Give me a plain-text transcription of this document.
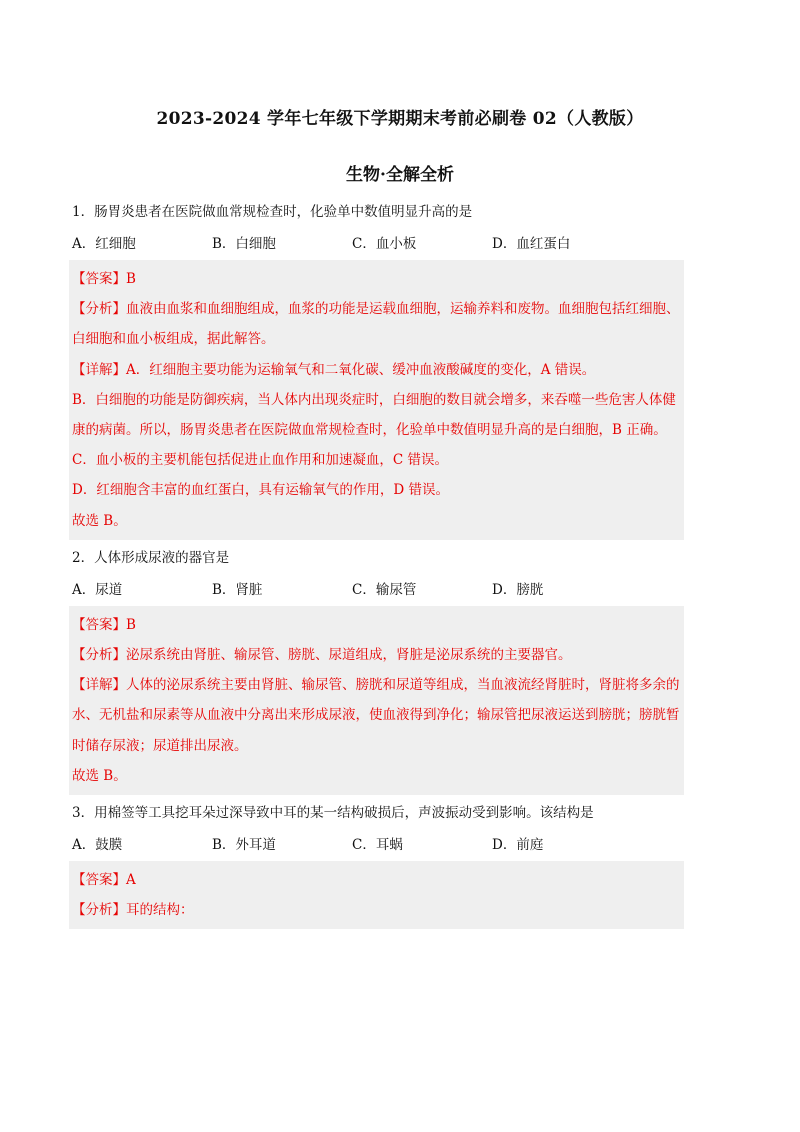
2023-2024 学年七年级下学期期末考前必刷卷 02（人教版）
生物·全解全析

1．肠胃炎患者在医院做血常规检查时，化验单中数值明显升高的是

A．红细胞	B．白细胞	C．血小板	D．血红蛋白

【答案】B

【分析】血液由血浆和血细胞组成，血浆的功能是运载血细胞，运输养料和废物。血细胞包括红细胞、白细胞和血小板组成，据此解答。

【详解】A．红细胞主要功能为运输氧气和二氧化碳、缓冲血液酸碱度的变化，A 错误。

B．白细胞的功能是防御疾病，当人体内出现炎症时，白细胞的数目就会增多，来吞噬一些危害人体健康的病菌。所以，肠胃炎患者在医院做血常规检查时，化验单中数值明显升高的是白细胞，B 正确。

C．血小板的主要机能包括促进止血作用和加速凝血，C 错误。

D．红细胞含丰富的血红蛋白，具有运输氧气的作用，D 错误。

故选 B。

2．人体形成尿液的器官是

A．尿道	B．肾脏	C．输尿管	D．膀胱

【答案】B

【分析】泌尿系统由肾脏、输尿管、膀胱、尿道组成，肾脏是泌尿系统的主要器官。

【详解】人体的泌尿系统主要由肾脏、输尿管、膀胱和尿道等组成，当血液流经肾脏时，肾脏将多余的水、无机盐和尿素等从血液中分离出来形成尿液，使血液得到净化；输尿管把尿液运送到膀胱；膀胱暂时储存尿液；尿道排出尿液。

故选 B。

3．用棉签等工具挖耳朵过深导致中耳的某一结构破损后，声波振动受到影响。该结构是

A．鼓膜	B．外耳道	C．耳蜗	D．前庭

【答案】A

【分析】耳的结构：
